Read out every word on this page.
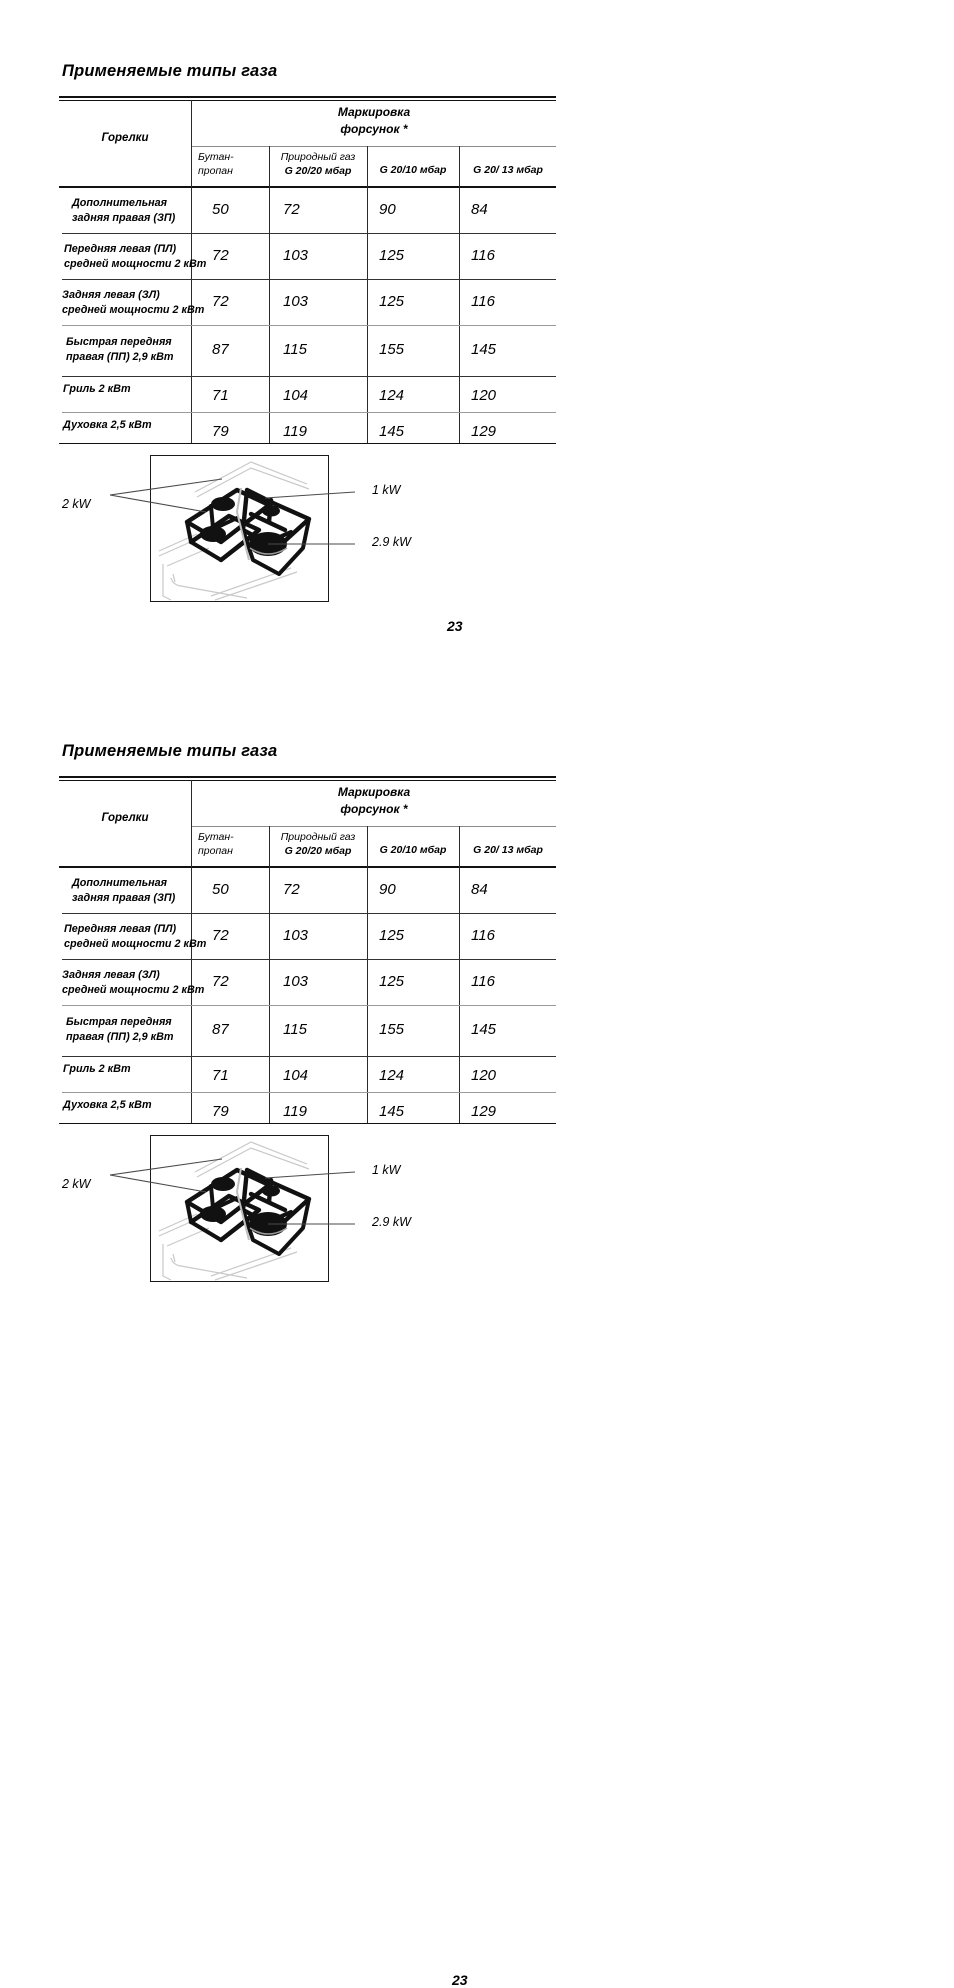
Применяемые типы газа
Горелки
Маркировка
форсунок *
Бутан-
пропан
Природный газ
G 20/20 мбар	G 20/10 мбар	G 20/ 13 мбар
Дополнительная
задняя правая (ЗП) 50	72	90	84
Передняя левая (ПЛ)
средней мощности 2 кВт 72	103	125	116
Задняя левая (ЗЛ)
средней мощности 2 кВт 72	103	125	116
Быстрая передняя
правая (ПП) 2,9 кВт	87	115	155	145
Гриль 2 кВт	71	104	124	120
Духовка 2,5 кВт	79	119	145	129
2 kW
1 kW
2.9 kW
23
Применяемые типы газа
Горелки
Маркировка
форсунок *
Бутан-
пропан
Природный газ
G 20/20 мбар	G 20/10 мбар	G 20/ 13 мбар
Дополнительная
задняя правая (ЗП) 50	72	90	84
Передняя левая (ПЛ)
средней мощности 2 кВт 72	103	125	116
Задняя левая (ЗЛ)
средней мощности 2 кВт 72	103	125	116
Быстрая передняя
правая (ПП) 2,9 кВт	87	115	155	145
Гриль 2 кВт	71	104	124	120
Духовка 2,5 кВт	79	119	145	129
2 kW
1 kW
2.9 kW
23
